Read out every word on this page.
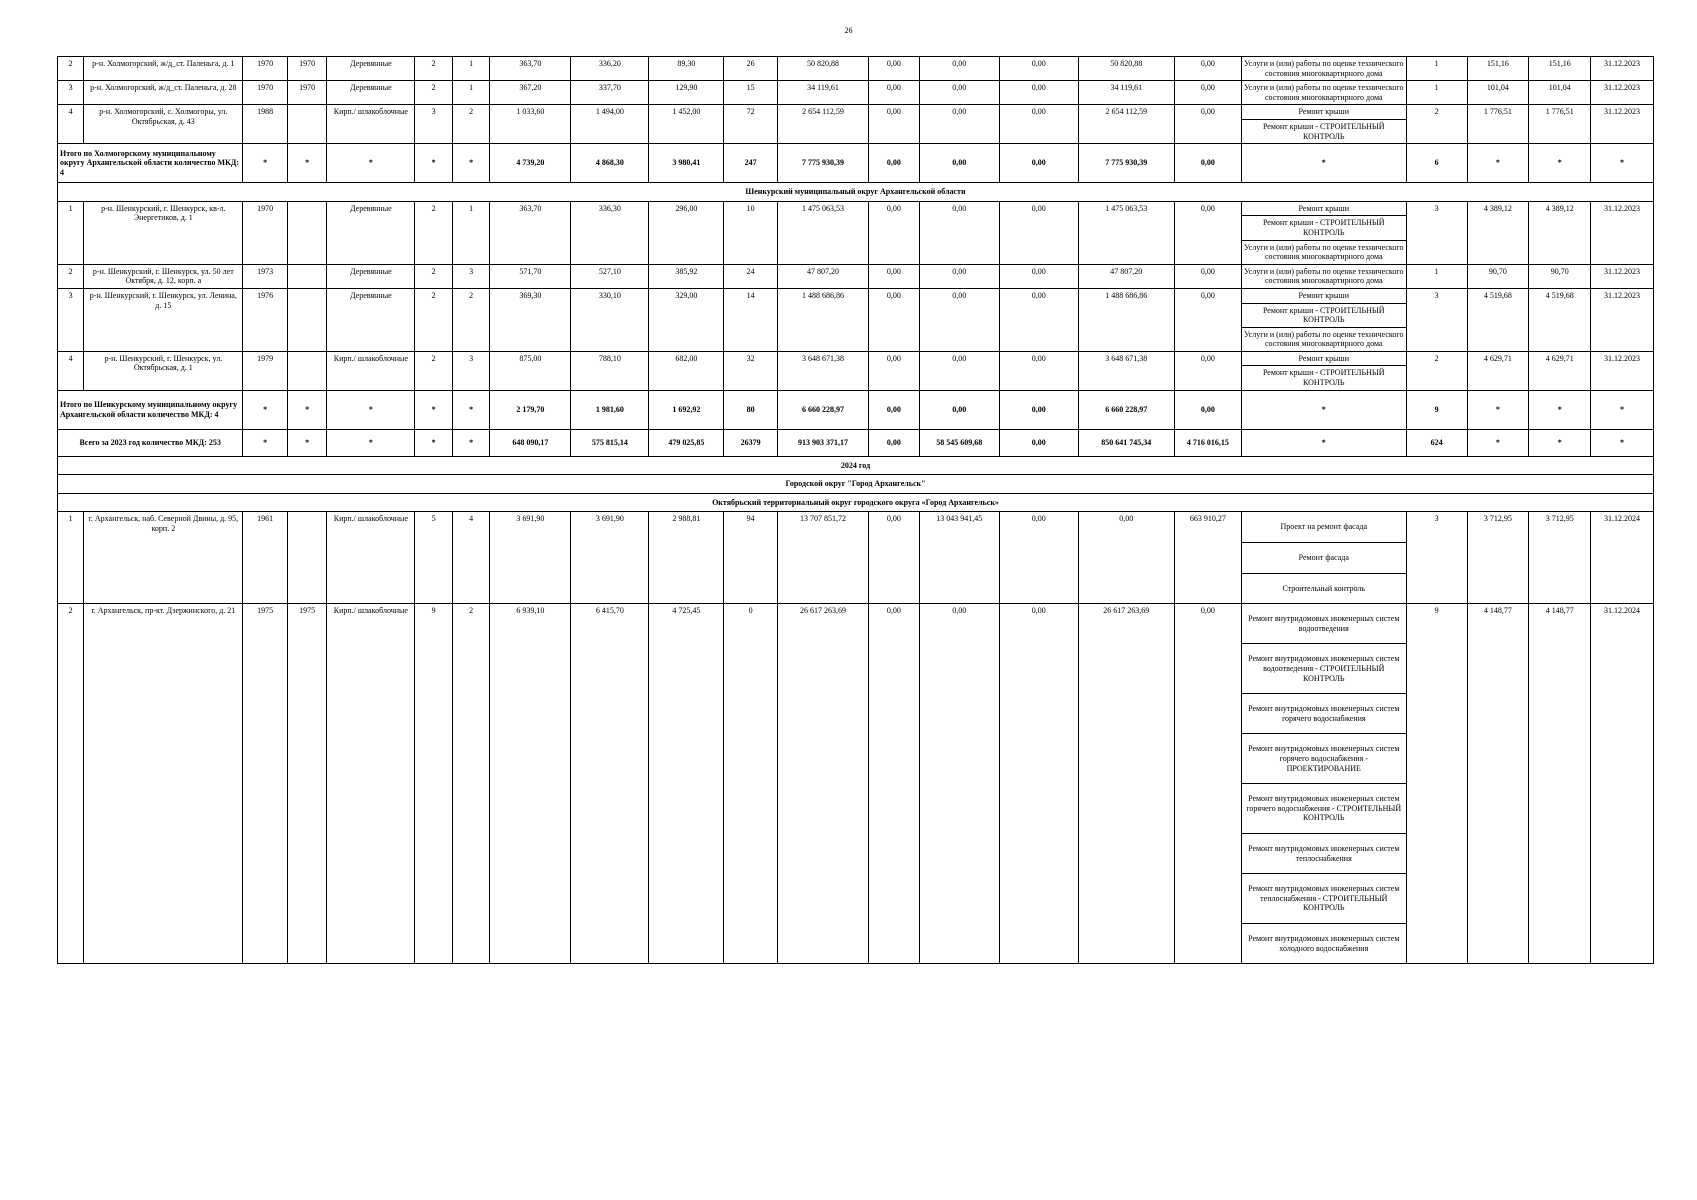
26
2	р-н. Холмогорский, ж/д_ст. Паленьга, д. 1	1970	1970	Деревянные	2	1	363,70	336,20	89,30	26	50 820,88	0,00	0,00	0,00	50 820,88	0,00	Услуги и (или) работы по оценке технического состояния многоквартирного дома	1	151,16	151,16	31.12.2023
3	р-н. Холмогорский, ж/д_ст. Паленьга, д. 28	1970	1970	Деревянные	2	1	367,20	337,70	129,90	15	34 119,61	0,00	0,00	0,00	34 119,61	0,00	Услуги и (или) работы по оценке технического состояния многоквартирного дома	1	101,04	101,04	31.12.2023
4	р-н. Холмогорский, с. Холмогоры, ул. Октябрьская, д. 43	1988		Кирп./ шлакоблочные	3	2	1 033,60	1 494,00	1 452,00	72	2 654 112,59	0,00	0,00	0,00	2 654 112,59	0,00	Ремонт крыши	2	1 776,51	1 776,51	31.12.2023
																	Ремонт крыши - СТРОИТЕЛЬНЫЙ КОНТРОЛЬ				
Итого по Холмогорскому муниципальному округу Архангельской области количество МКД: 4		*	*	*	*	*	4 739,20	4 868,30	3 980,41	247	7 775 930,39	0,00	0,00	0,00	7 775 930,39	0,00	*	6	*	*	*
Шенкурский муниципальный округ Архангельской области																					
1	р-н. Шенкурский, г. Шенкурск, кв-л. Энергетиков, д. 1	1970		Деревянные	2	1	363,70	336,30	296,00	10	1 475 063,53	0,00	0,00	0,00	1 475 063,53	0,00	Ремонт крыши	3	4 389,12	4 389,12	31.12.2023
																	Ремонт крыши - СТРОИТЕЛЬНЫЙ КОНТРОЛЬ				
																	Услуги и (или) работы по оценке технического состояния многоквартирного дома				
2	р-н. Шенкурский, г. Шенкурск, ул. 50 лет Октября, д. 12, корп. а	1973		Деревянные	2	3	571,70	527,10	385,92	24	47 807,20	0,00	0,00	0,00	47 807,20	0,00	Услуги и (или) работы по оценке технического состояния многоквартирного дома	1	90,70	90,70	31.12.2023
3	р-н. Шенкурский, г. Шенкурск, ул. Ленина, д. 15	1976		Деревянные	2	2	369,30	330,10	329,00	14	1 488 686,86	0,00	0,00	0,00	1 488 686,86	0,00	Ремонт крыши	3	4 519,68	4 519,68	31.12.2023
																	Ремонт крыши - СТРОИТЕЛЬНЫЙ КОНТРОЛЬ				
																	Услуги и (или) работы по оценке технического состояния многоквартирного дома				
4	р-н. Шенкурский, г. Шенкурск, ул. Октябрьская, д. 1	1979		Кирп./ шлакоблочные	2	3	875,00	788,10	682,00	32	3 648 671,38	0,00	0,00	0,00	3 648 671,38	0,00	Ремонт крыши	2	4 629,71	4 629,71	31.12.2023
																	Ремонт крыши - СТРОИТЕЛЬНЫЙ КОНТРОЛЬ				
Итого по Шенкурскому муниципальному округу Архангельской области количество МКД: 4		*	*	*	*	*	2 179,70	1 981,60	1 692,92	80	6 660 228,97	0,00	0,00	0,00	6 660 228,97	0,00	*	9	*	*	*
Всего за 2023 год количество МКД: 253		*	*	*	*	*	648 090,17	575 815,14	479 025,85	26379	913 903 371,17	0,00	58 545 609,68	0,00	850 641 745,34	4 716 016,15	*	624	*	*	*
2024 год																					
Городской округ "Город Архангельск"																					
Октябрьский территориальный округ городского округа «Город Архангельск»																					
1	г. Архангельск, наб. Северной Двины, д. 95, корп. 2	1961		Кирп./ шлакоблочные	5	4	3 691,90	3 691,90	2 988,81	94	13 707 851,72	0,00	13 043 941,45	0,00	0,00	663 910,27	Проект на ремонт фасада	3	3 712,95	3 712,95	31.12.2024
																	Ремонт фасада				
																	Строительный контроль				
2	г. Архангельск, пр-кт. Дзержинского, д. 21	1975	1975	Кирп./ шлакоблочные	9	2	6 939,10	6 415,70	4 725,45	0	26 617 263,69	0,00	0,00	0,00	26 617 263,69	0,00	Ремонт внутридомовых инженерных систем водоотведения	9	4 148,77	4 148,77	31.12.2024
																	Ремонт внутридомовых инженерных систем водоотведения - СТРОИТЕЛЬНЫЙ КОНТРОЛЬ				
																	Ремонт внутридомовых инженерных систем горячего водоснабжения				
																	Ремонт внутридомовых инженерных систем горячего водоснабжения - ПРОЕКТИРОВАНИЕ				
																	Ремонт внутридомовых инженерных систем горячего водоснабжения - СТРОИТЕЛЬНЫЙ КОНТРОЛЬ				
																	Ремонт внутридомовых инженерных систем теплоснабжения				
																	Ремонт внутридомовых инженерных систем теплоснабжения - СТРОИТЕЛЬНЫЙ КОНТРОЛЬ				
																	Ремонт внутридомовых инженерных систем холодного водоснабжения				
